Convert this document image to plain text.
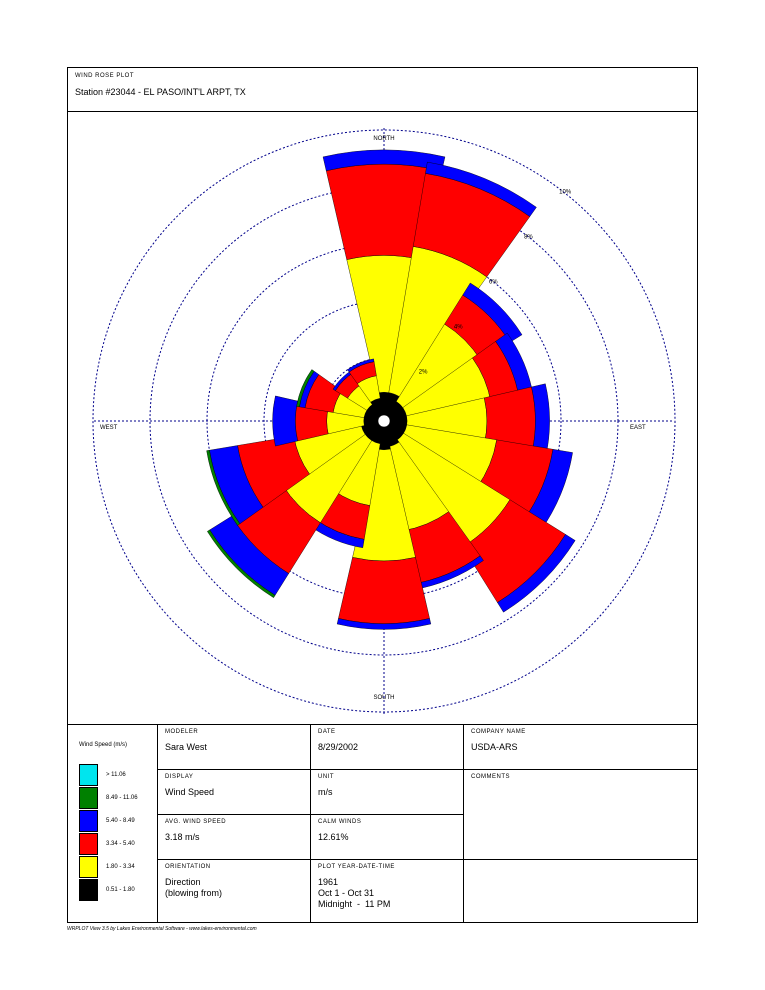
WIND ROSE PLOT
Station #23044 - EL PASO/INT'L ARPT, TX
2%
4%
6%
8%
10%
NORTH
SOUTH
EAST
WEST
Wind Speed (m/s)
> 11.06
8.49 - 11.06
5.40 - 8.49
3.34 - 5.40
1.80 - 3.34
0.51 - 1.80
MODELER
Sara West
DATE
8/29/2002
COMPANY NAME
USDA-ARS
DISPLAY
Wind Speed
UNIT
m/s
COMMENTS
AVG. WIND SPEED
3.18 m/s
CALM WINDS
12.61%
ORIENTATION
Direction
(blowing from)
PLOT YEAR-DATE-TIME
1961
Oct 1 - Oct 31
Midnight  -  11 PM
WRPLOT View 3.5 by Lakes Environmental Software - www.lakes-environmental.com
